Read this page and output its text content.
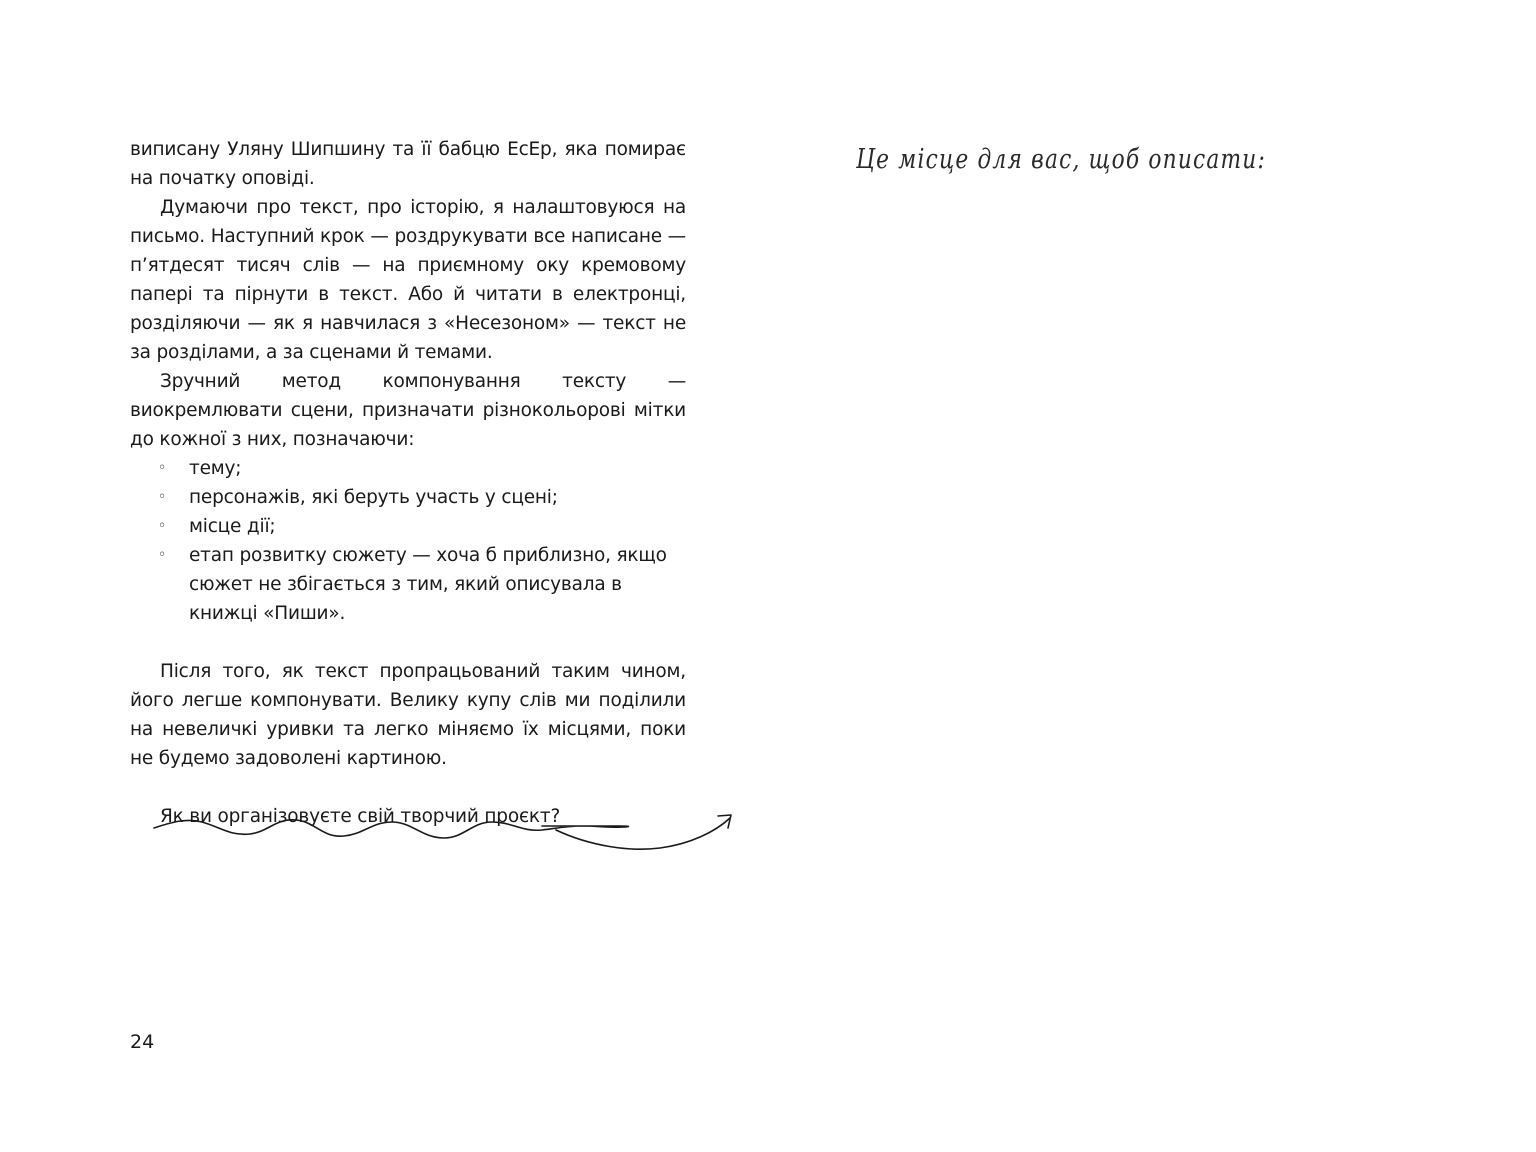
виписану Уляну Шипшину та її бабцю ЕсЕр, яка помирає на початку оповіді.

Думаючи про текст, про історію, я налаштовуюся на письмо. Наступний крок — роздрукувати все написане — п’ятдесят тисяч слів — на приємному оку кремовому папері та пірнути в текст. Або й читати в електронці, розділяючи — як я навчилася з «Несезоном» — текст не за розділами, а за сценами й темами.

Зручний метод компонування тексту — виокремлювати сцени, призначати різнокольорові мітки до кожної з них, позначаючи:

◦ тему;
◦ персонажів, які беруть участь у сцені;
◦ місце дії;
◦ етап розвитку сюжету — хоча б приблизно, якщо сюжет не збігається з тим, який описувала в книжці «Пиши».

Після того, як текст пропрацьований таким чином, його легше компонувати. Велику купу слів ми поділили на невеличкі уривки та легко міняємо їх місцями, поки не будемо задоволені картиною.

Як ви організовуєте свій творчий проєкт?

24
Це місце для вас, щоб описати:
